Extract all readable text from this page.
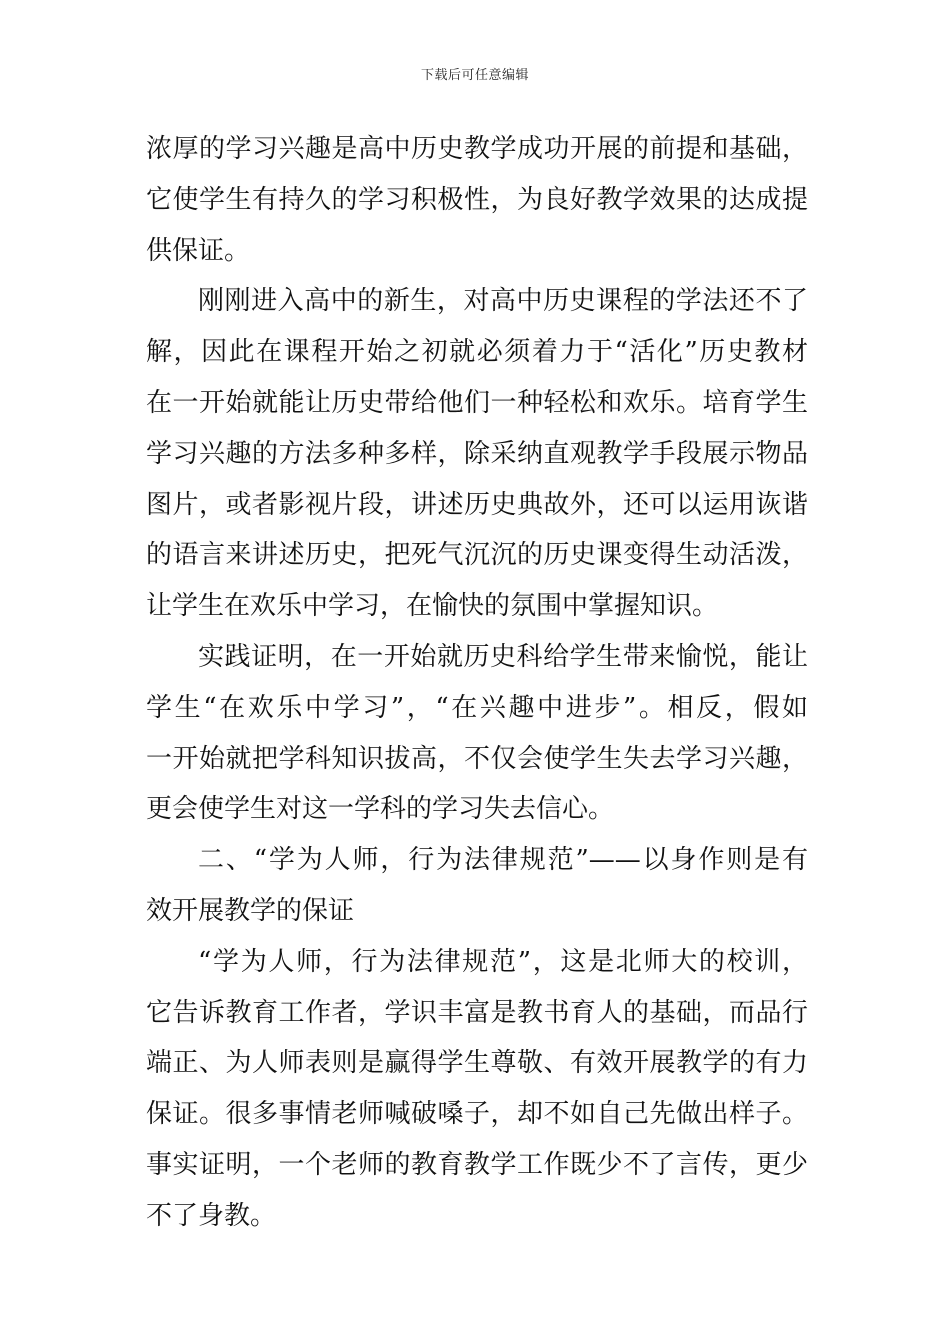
下载后可任意编辑
浓厚的学习兴趣是高中历史教学成功开展的前提和基础，
它使学生有持久的学习积极性，为良好教学效果的达成提
供保证。
刚刚进入高中的新生，对高中历史课程的学法还不了
解，因此在课程开始之初就必须着力于“活化”历史教材
在一开始就能让历史带给他们一种轻松和欢乐。培育学生
学习兴趣的方法多种多样，除采纳直观教学手段展示物品
图片，或者影视片段，讲述历史典故外，还可以运用诙谐
的语言来讲述历史，把死气沉沉的历史课变得生动活泼，
让学生在欢乐中学习，在愉快的氛围中掌握知识。
实践证明，在一开始就历史科给学生带来愉悦，能让
学生“在欢乐中学习”，“在兴趣中进步”。相反，假如
一开始就把学科知识拔高，不仅会使学生失去学习兴趣，
更会使学生对这一学科的学习失去信心。
二、“学为人师，行为法律规范”——以身作则是有
效开展教学的保证
“学为人师，行为法律规范”，这是北师大的校训，
它告诉教育工作者，学识丰富是教书育人的基础，而品行
端正、为人师表则是赢得学生尊敬、有效开展教学的有力
保证。很多事情老师喊破嗓子，却不如自己先做出样子。
事实证明，一个老师的教育教学工作既少不了言传，更少
不了身教。
